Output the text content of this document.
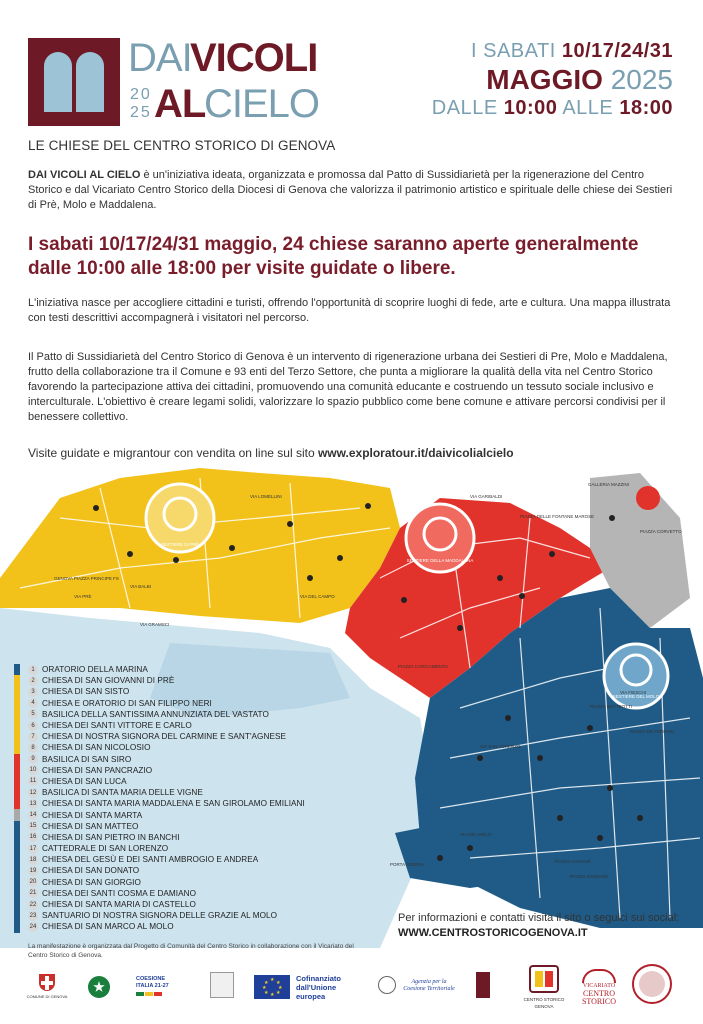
DAI
VICOLI
20
25 AL
CIELO
LE CHIESE DEL CENTRO STORICO DI GENOVA
I SABATI 10/17/24/31
MAGGIO 2025
DALLE 10:00 ALLE 18:00

DAI VICOLI AL CIELO è un'iniziativa ideata, organizzata e promossa dal Patto di Sussidiarietà per la rigenerazione del Centro Storico e dal Vicariato Centro Storico della Diocesi di Genova che valorizza il patrimonio artistico e spirituale delle chiese dei Sestieri di Prè, Molo e Maddalena.

I sabati 10/17/24/31 maggio, 24 chiese saranno aperte generalmente dalle 10:00 alle 18:00 per visite guidate o libere.

L'iniziativa nasce per accogliere cittadini e turisti, offrendo l'opportunità di scoprire luoghi di fede, arte e cultura. Una mappa illustrata con testi descrittivi accompagnerà i visitatori nel percorso.

Il Patto di Sussidiarietà del Centro Storico di Genova è un intervento di rigenerazione urbana dei Sestieri di Pre, Molo e Maddalena, frutto della collaborazione tra il Comune e 93 enti del Terzo Settore, che punta a migliorare la qualità della vita nel Centro Storico favorendo la partecipazione attiva dei cittadini, promuovendo una comunità educante e costruendo un tessuto sociale inclusivo e interculturale. L'obiettivo è creare legami solidi, valorizzare lo spazio pubblico come bene comune e attivare percorsi condivisi per il benessere collettivo.

Visite guidate e migrantour con vendita on line sul sito www.exploratour.it/daivicolialcielo

SESTIERE DI PRÈ
SESTIERE DELLA MADDALENA
SESTIERE DEL MOLO
VIA BALBI
VIA DEL CAMPO
VIA GRAMSCI
PIAZZA CARICAMENTO
VIA SAN LORENZO
PIAZZA MATTEOTTI
PIAZZA DE FERRARI
VIA GARIBALDI
PIAZZA SARZANO
VIA DEL MOLO
PIAZZA CAVOUR
GENOVA PIAZZA PRINCIPE FS
VIA PRÈ
VIA LOMELLINI
PIAZZA DELLE FONTANE MAROSE
GALLERIA MAZZINI
PIAZZA CORVETTO
VIA FIESCHI
PORTA SIBERIA
1 ORATORIO DELLA MARINA
2 CHIESA DI SAN GIOVANNI DI PRÈ
3 CHIESA DI SAN SISTO
4 CHIESA E ORATORIO DI SAN FILIPPO NERI
5 BASILICA DELLA SANTISSIMA ANNUNZIATA DEL VASTATO
6 CHIESA DEI SANTI VITTORE E CARLO
7 CHIESA DI NOSTRA SIGNORA DEL CARMINE E SANT'AGNESE
8 CHIESA DI SAN NICOLOSIO
9 BASILICA DI SAN SIRO
10 CHIESA DI SAN PANCRAZIO
11 CHIESA DI SAN LUCA
12 BASILICA DI SANTA MARIA DELLE VIGNE
13 CHIESA DI SANTA MARIA MADDALENA E SAN GIROLAMO EMILIANI
14 CHIESA DI SANTA MARTA
15 CHIESA DI SAN MATTEO
16 CHIESA DI SAN PIETRO IN BANCHI
17 CATTEDRALE DI SAN LORENZO
18 CHIESA DEL GESÙ E DEI SANTI AMBROGIO E ANDREA
19 CHIESA DI SAN DONATO
20 CHIESA DI SAN GIORGIO
21 CHIESA DEI SANTI COSMA E DAMIANO
22 CHIESA DI SANTA MARIA DI CASTELLO
23 SANTUARIO DI NOSTRA SIGNORA DELLE GRAZIE AL MOLO
24 CHIESA DI SAN MARCO AL MOLO
Per informazioni e contatti visita il sito o seguici sui social:
WWW.CENTROSTORICOGENOVA.IT
La manifestazione è organizzata dal Progetto di Comunità del Centro Storico in collaborazione con il Vicariato del Centro Storico di Genova.
COMUNE DI GENOVA
COESIONE ITALIA 21-27
★ ★
★
★
★
★
★
★
Cofinanziato dall'Unione europea
Agenzia per la Coesione Territoriale
CENTRO STORICO GENOVA
VICARIATO
CENTRO
STORICO
